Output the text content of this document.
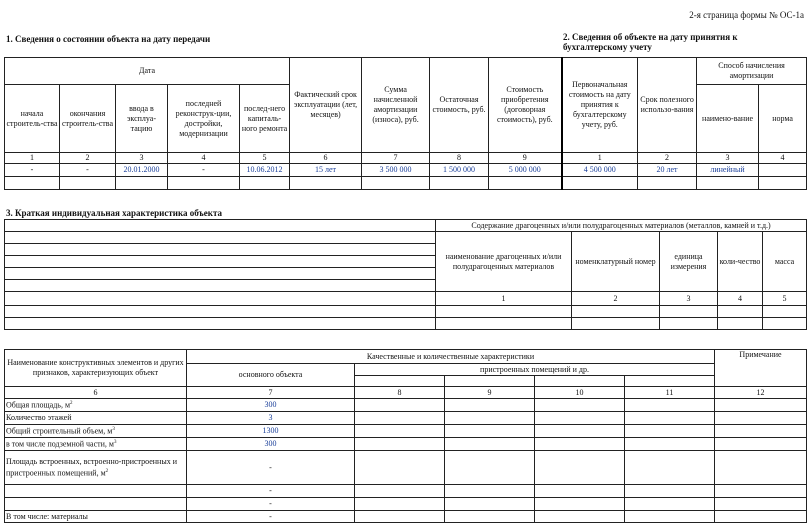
2-я страница формы № ОС-1а
1. Сведения о состоянии объекта на дату передачи	2. Сведения об объекте на дату принятия к бухгалтерскому учету
Дата					Фактический срок эксплуатации (лет, месяцев)	Сумма начисленной амортизации (износа), руб.	Остаточная стоимость, руб.	Стоимость приобретения (договорная стоимость), руб.	Первоначальная стоимость на дату принятия к бухгалтерскому учету, руб.	Срок полезного использо-вания	Способ начисления амортизации	
начала строитель-ства	окончания строитель-ства	ввода в эксплуа-тацию	последней реконструк-ции, достройки, модернизации	послед-него капиталь-ного ремонта							наимено-вание	норма
1	2	3	4	5	6	7	8	9	1	2	3	4
-	-	20.01.2000	-	10.06.2012	15 лет	3 500 000	1 500 000	5 000 000	4 500 000	20 лет	линейный	

3. Краткая индивидуальная характеристика объекта
	Содержание драгоценных и/или полудрагоценных материалов (металлов, камней и т.д.)				
	наименование драгоценных и/или полудрагоценных материалов	номенклатурный номер	единица измерения	коли-чество	масса

	1	2	3	4	5

Наименование конструктивных элементов и других признаков, характеризующих объект	Качественные и количественные характеристики					Примечание
	основного объекта	пристроенных помещений и др.				

6	7	8	9	10	11	12
Общая площадь, $м^2$	300					
Количество этажей	3					
Общий строительный объем, $м^3$	1300					
в том числе подземной части, $м^3$	300					
Площадь встроенных, встроенно-пристроенных и пристроенных помещений, $м^2$	-					
	-					
	-					
В том числе: материалы	-					
